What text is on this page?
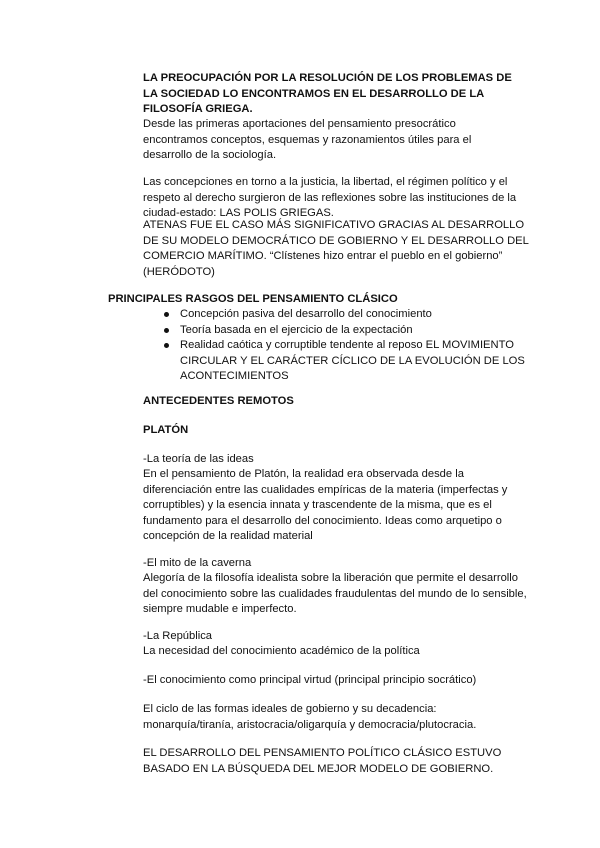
LA PREOCUPACIÓN POR LA RESOLUCIÓN DE LOS PROBLEMAS DE LA SOCIEDAD LO ENCONTRAMOS EN EL DESARROLLO DE LA FILOSOFÍA GRIEGA.

Desde las primeras aportaciones del pensamiento presocrático encontramos conceptos, esquemas y razonamientos útiles para el desarrollo de la sociología.

Las concepciones en torno a la justicia, la libertad, el régimen político y el respeto al derecho surgieron de las reflexiones sobre las instituciones de la ciudad-estado: LAS POLIS GRIEGAS.

ATENAS FUE EL CASO MÁS SIGNIFICATIVO GRACIAS AL DESARROLLO DE SU MODELO DEMOCRÁTICO DE GOBIERNO Y EL DESARROLLO DEL COMERCIO MARÍTIMO. “Clístenes hizo entrar el pueblo en el gobierno” (HERÓDOTO)

PRINCIPALES RASGOS DEL PENSAMIENTO CLÁSICO

Concepción pasiva del desarrollo del conocimiento
Teoría basada en el ejercicio de la expectación
Realidad caótica y corruptible tendente al reposo EL MOVIMIENTO CIRCULAR Y EL CARÁCTER CÍCLICO DE LA EVOLUCIÓN DE LOS ACONTECIMIENTOS

ANTECEDENTES REMOTOS

PLATÓN

-La teoría de las ideas

En el pensamiento de Platón, la realidad era observada desde la diferenciación entre las cualidades empíricas de la materia (imperfectas y corruptibles) y la esencia innata y trascendente de la misma, que es el fundamento para el desarrollo del conocimiento. Ideas como arquetipo o concepción de la realidad material

-El mito de la caverna

Alegoría de la filosofía idealista sobre la liberación que permite el desarrollo del conocimiento sobre las cualidades fraudulentas del mundo de lo sensible, siempre mudable e imperfecto.

-La República

La necesidad del conocimiento académico de la política

-El conocimiento como principal virtud (principal principio socrático)

El ciclo de las formas ideales de gobierno y su decadencia: monarquía/tiranía, aristocracia/oligarquía y democracia/plutocracia.

EL DESARROLLO DEL PENSAMIENTO POLÍTICO CLÁSICO ESTUVO BASADO EN LA BÚSQUEDA DEL MEJOR MODELO DE GOBIERNO.
